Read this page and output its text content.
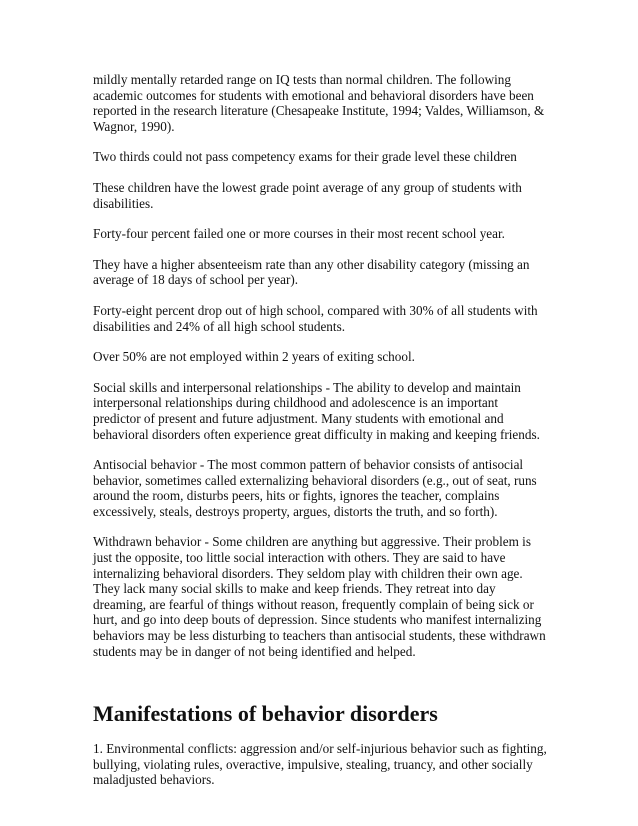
mildly mentally retarded range on IQ tests than normal children. The following academic outcomes for students with emotional and behavioral disorders have been reported in the research literature (Chesapeake Institute, 1994; Valdes, Williamson, & Wagnor, 1990).

Two thirds could not pass competency exams for their grade level these children

These children have the lowest grade point average of any group of students with disabilities.

Forty-four percent failed one or more courses in their most recent school year.

They have a higher absenteeism rate than any other disability category (missing an average of 18 days of school per year).

Forty-eight percent drop out of high school, compared with 30% of all students with disabilities and 24% of all high school students.

Over 50% are not employed within 2 years of exiting school.

Social skills and interpersonal relationships - The ability to develop and maintain interpersonal relationships during childhood and adolescence is an important predictor of present and future adjustment. Many students with emotional and behavioral disorders often experience great difficulty in making and keeping friends.

Antisocial behavior - The most common pattern of behavior consists of antisocial behavior, sometimes called externalizing behavioral disorders (e.g., out of seat, runs around the room, disturbs peers, hits or fights, ignores the teacher, complains excessively, steals, destroys property, argues, distorts the truth, and so forth).

Withdrawn behavior - Some children are anything but aggressive. Their problem is just the opposite, too little social interaction with others. They are said to have internalizing behavioral disorders. They seldom play with children their own age. They lack many social skills to make and keep friends. They retreat into day dreaming, are fearful of things without reason, frequently complain of being sick or hurt, and go into deep bouts of depression. Since students who manifest internalizing behaviors may be less disturbing to teachers than antisocial students, these withdrawn students may be in danger of not being identified and helped.

Manifestations of behavior disorders

1. Environmental conflicts: aggression and/or self-injurious behavior such as fighting, bullying, violating rules, overactive, impulsive, stealing, truancy, and other socially maladjusted behaviors.
